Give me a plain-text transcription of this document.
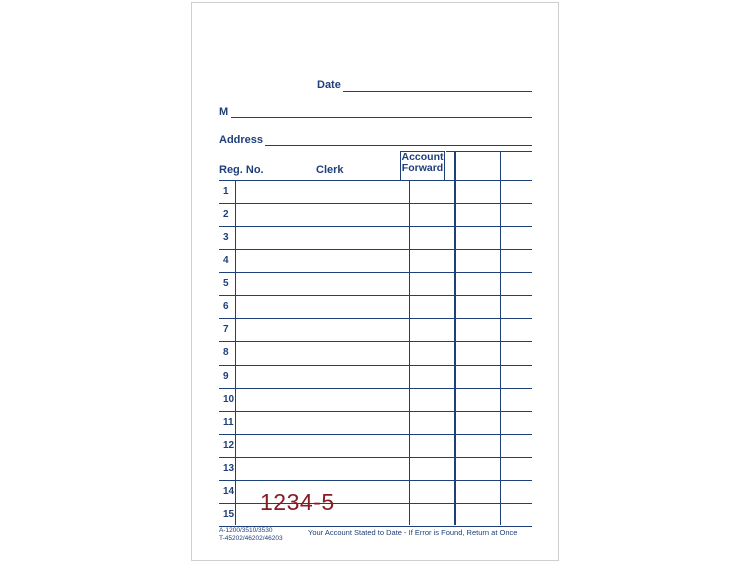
Date
M
Address
Reg. No.	Clerk
Account
Forward
1
2
3
4
5
6
7
8
9
10
11
12
13
14
15	1234-5
A-1200/3510/3530
T-45202/46202/46203
Your Account Stated to Date - If Error is Found, Return at Once
